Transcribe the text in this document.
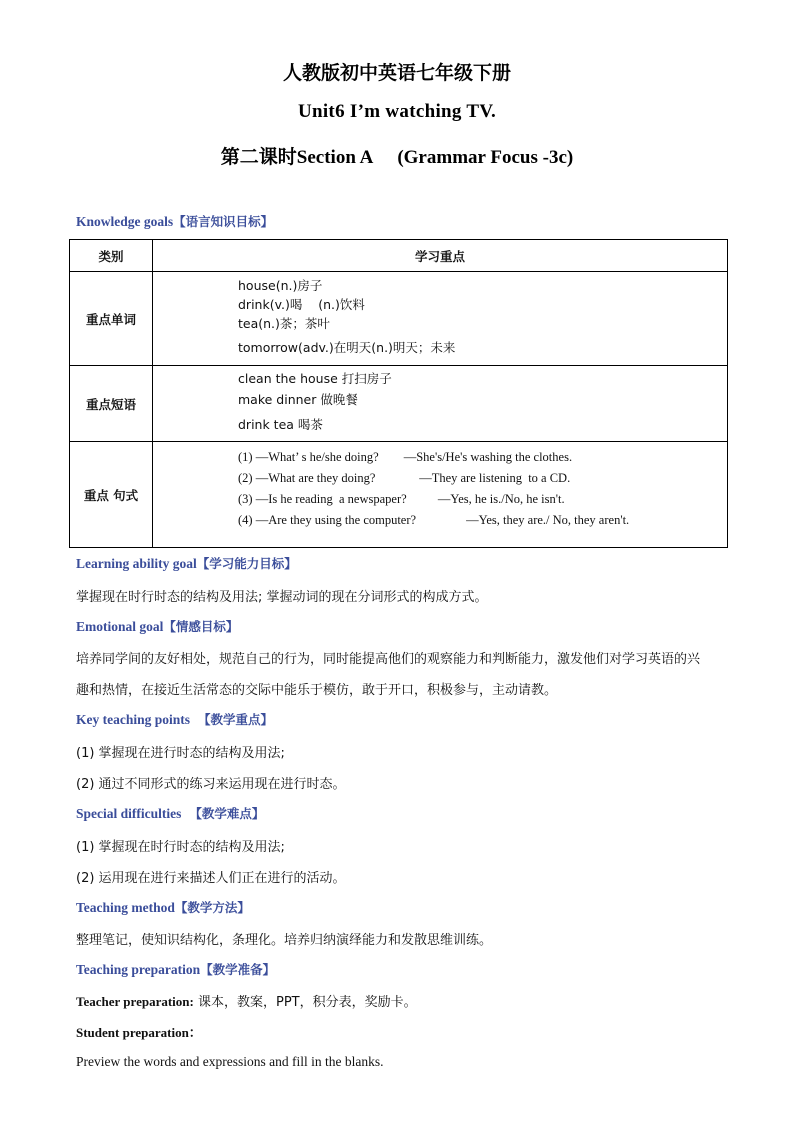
人教版初中英语七年级下册
Unit6 I’m watching TV.
第二课时Section A (Grammar Focus -3c)
Knowledge goals【语言知识目标】
类别	学习重点
重点单词	house(n.)房子
drink(v.)喝    (n.)饮料
tea(n.)茶；茶叶
tomorrow(adv.)在明天(n.)明天；未来

重点短语	clean the house 打扫房子
make dinner 做晚餐
drink tea 喝茶

重点 句式	(1) —What’ s he/she doing?        —She's/He's washing the clothes.
(2) —What are they doing?              —They are listening  to a CD.
(3) —Is he reading  a newspaper?          —Yes, he is./No, he isn't.
(4) —Are they using the computer?                —Yes, they are./ No, they aren't.
Learning ability goal【学习能力目标】
掌握现在时行时态的结构及用法; 掌握动词的现在分词形式的构成方式。
Emotional goal【情感目标】
培养同学间的友好相处，规范自己的行为，同时能提高他们的观察能力和判断能力，激发他们对学习英语的兴
趣和热情，在接近生活常态的交际中能乐于模仿，敢于开口，积极参与，主动请教。
Key teaching points 【教学重点】
(1) 掌握现在进行时态的结构及用法;
(2) 通过不同形式的练习来运用现在进行时态。
Special difficulties 【教学难点】
(1) 掌握现在时行时态的结构及用法;
(2) 运用现在进行来描述人们正在进行的活动。
Teaching method【教学方法】
整理笔记，使知识结构化，条理化。培养归纳演绎能力和发散思维训练。
Teaching preparation【教学准备】
Teacher preparation: 课本，教案，PPT，积分表，奖励卡。
Student preparation：
Preview the words and expressions and fill in the blanks.
